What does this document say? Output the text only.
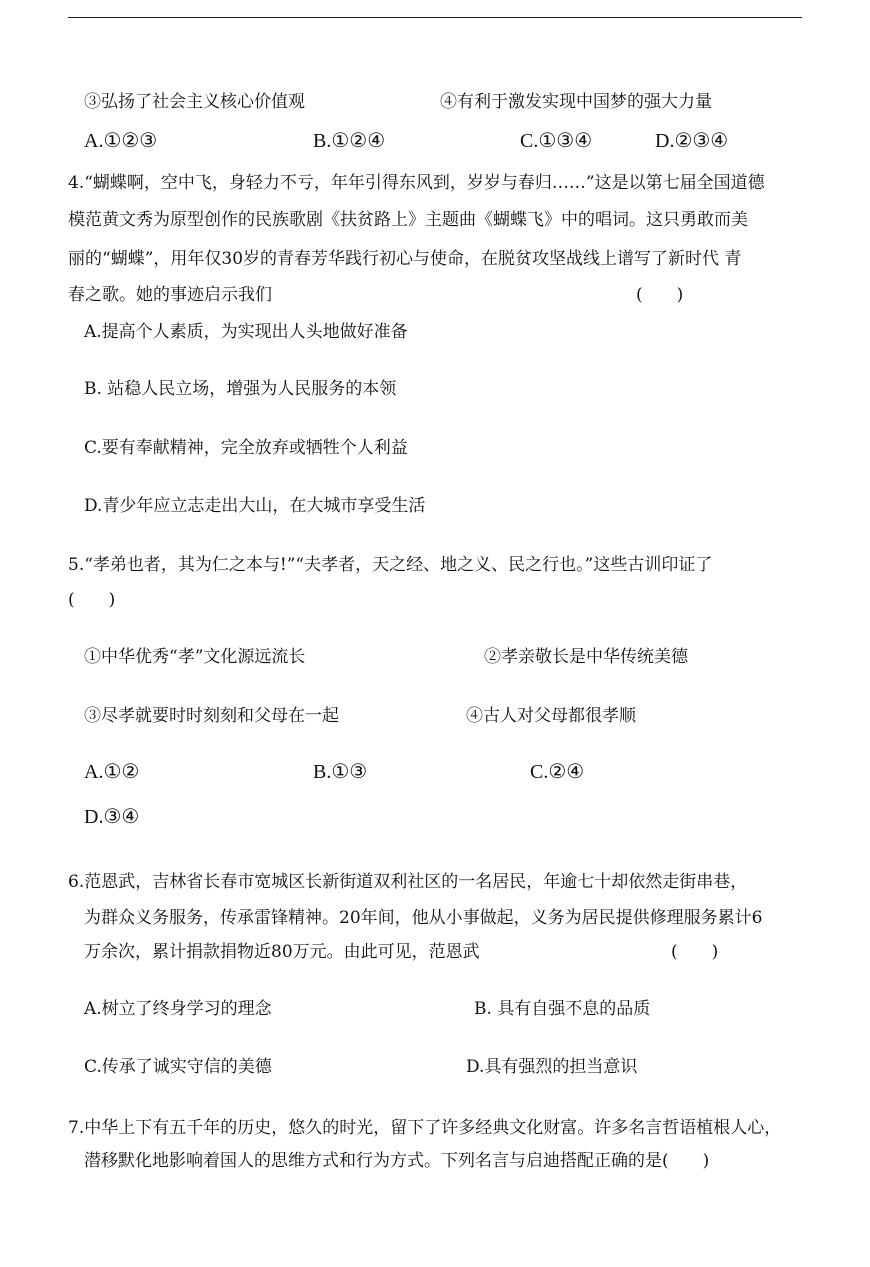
③弘扬了社会主义核心价值观	④有利于激发实现中国梦的强大力量
A.①②③	B.①②④	C.①③④	D.②③④
4.“蝴蝶啊，空中飞，身轻力不亏，年年引得东风到，岁岁与春归……”这是以第七届全国道德
模范黄文秀为原型创作的民族歌剧《扶贫路上》主题曲《蝴蝶飞》中的唱词。这只勇敢而美
丽的“蝴蝶”，用年仅30岁的青春芳华践行初心与使命，在脱贫攻坚战线上谱写了新时代 青
春之歌。她的事迹启示我们	(　　)
A.提高个人素质，为实现出人头地做好准备
B. 站稳人民立场，增强为人民服务的本领
C.要有奉献精神，完全放弃或牺牲个人利益
D.青少年应立志走出大山，在大城市享受生活
5.“孝弟也者，其为仁之本与!”“夫孝者，天之经、地之义、民之行也。”这些古训印证了
(　　)
①中华优秀“孝”文化源远流长	②孝亲敬长是中华传统美德
③尽孝就要时时刻刻和父母在一起	④古人对父母都很孝顺
A.①②	B.①③	C.②④
D.③④
6.范恩武，吉林省长春市宽城区长新街道双利社区的一名居民，年逾七十却依然走街串巷，
为群众义务服务，传承雷锋精神。20年间，他从小事做起，义务为居民提供修理服务累计6
万余次，累计捐款捐物近80万元。由此可见，范恩武	(　　)
A.树立了终身学习的理念	B. 具有自强不息的品质
C.传承了诚实守信的美德	D.具有强烈的担当意识
7.中华上下有五千年的历史，悠久的时光，留下了许多经典文化财富。许多名言哲语植根人心，
潜移默化地影响着国人的思维方式和行为方式。下列名言与启迪搭配正确的是(　　)
